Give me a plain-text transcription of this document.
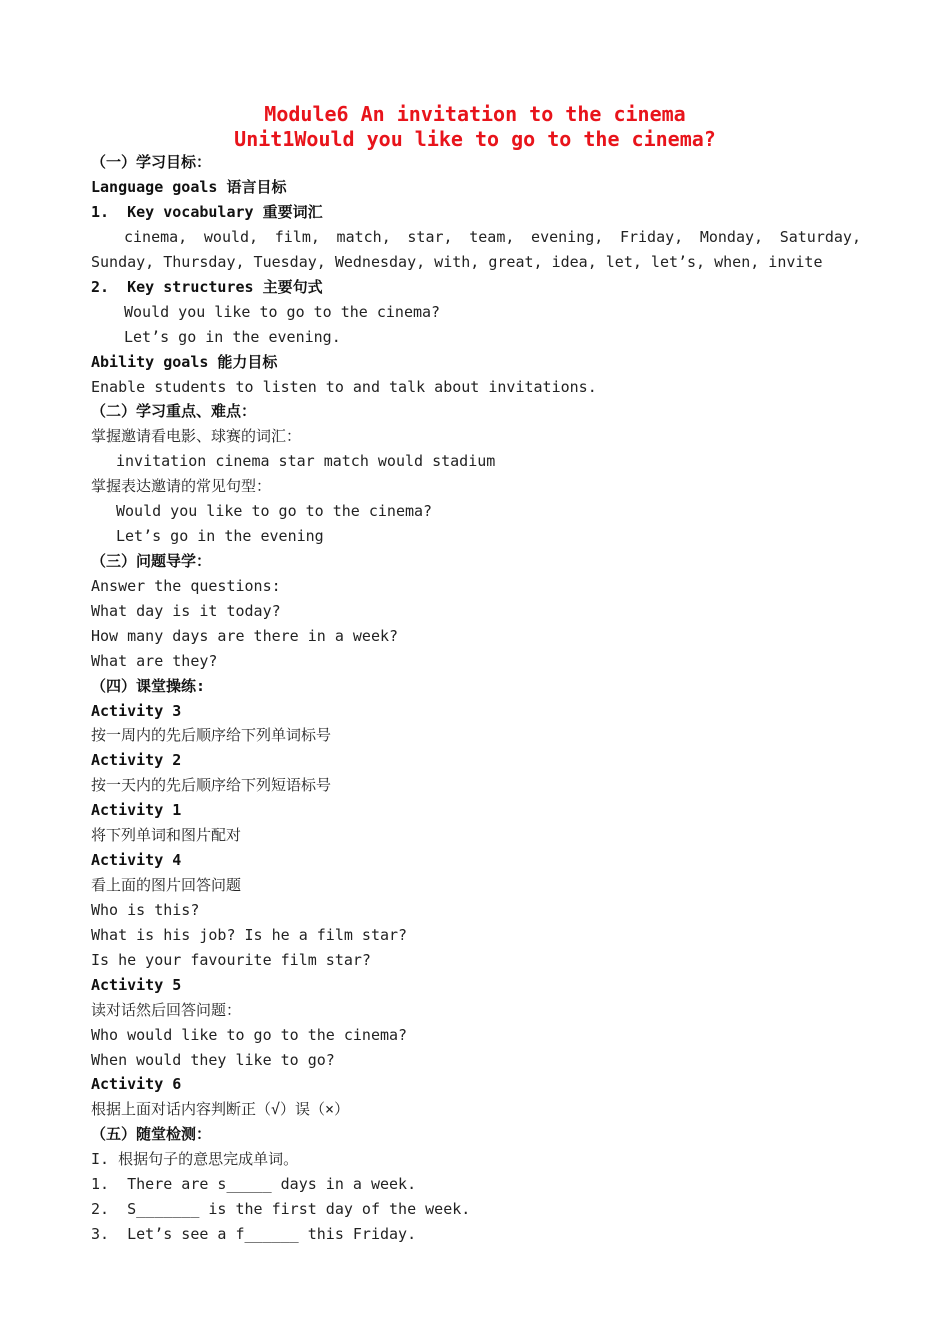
Module6 An invitation to the cinema
Unit1Would you like to go to the cinema?
（一）学习目标：
Language goals 语言目标
1.  Key vocabulary 重要词汇
cinema, would, film, match, star, team, evening, Friday, Monday, Saturday, Sunday, Thursday, Tuesday, Wednesday, with, great, idea, let, let’s, when, invite
2.  Key structures 主要句式
Would you like to go to the cinema?
Let’s go in the evening.
Ability goals 能力目标
Enable students to listen to and talk about invitations.
（二）学习重点、难点：
掌握邀请看电影、球赛的词汇：
invitation cinema star match would stadium
掌握表达邀请的常见句型：
Would you like to go to the cinema?
Let’s go in the evening
（三）问题导学：
Answer the questions:
What day is it today?
How many days are there in a week?
What are they?
（四）课堂操练:
Activity 3
按一周内的先后顺序给下列单词标号
Activity 2
按一天内的先后顺序给下列短语标号
Activity 1
将下列单词和图片配对
Activity 4
看上面的图片回答问题
Who is this?
What is his job? Is he a film star?
Is he your favourite film star?
Activity 5
读对话然后回答问题：
Who would like to go to the cinema?
When would they like to go?
Activity 6
根据上面对话内容判断正（√）误（×）
（五）随堂检测：
I. 根据句子的意思完成单词。
1.  There are s_____ days in a week.
2.  S_______ is the first day of the week.
3.  Let’s see a f______ this Friday.
